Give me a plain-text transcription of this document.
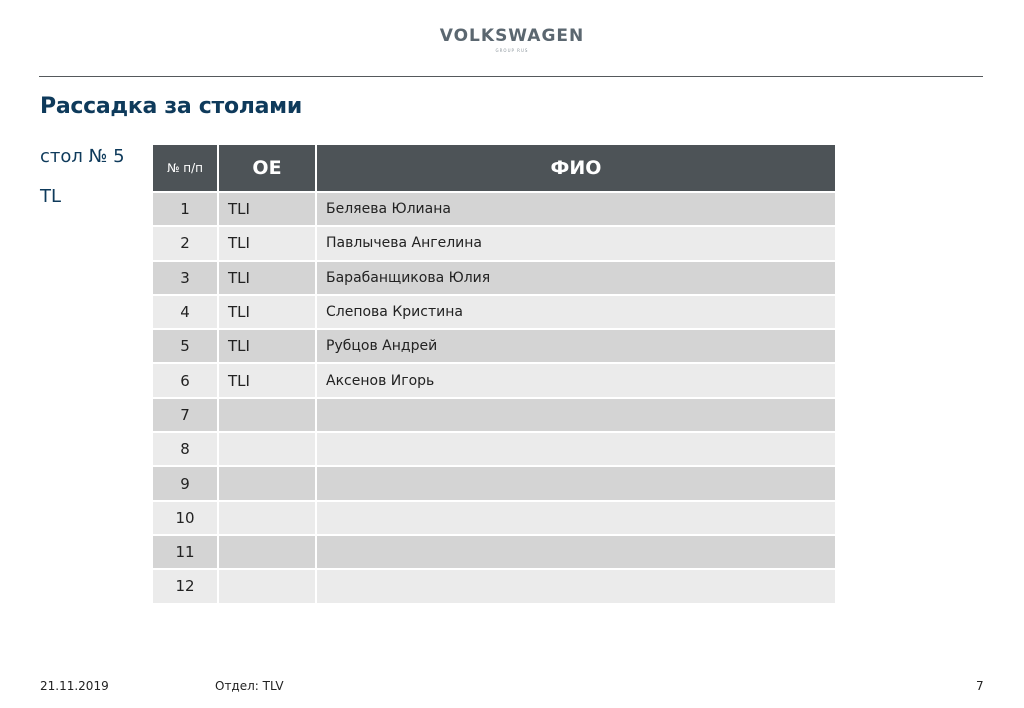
VOLKSWAGEN
GROUP RUS
Рассадка за столами
стол № 5
TL
№ п/п	OE	ФИО
1	TLI	Беляева Юлиана
2	TLI	Павлычева Ангелина
3	TLI	Барабанщикова Юлия
4	TLI	Слепова Кристина
5	TLI	Рубцов Андрей
6	TLI	Аксенов Игорь
7		
8		
9		
10		
11		
12		
21.11.2019	Отдел: TLV	7
